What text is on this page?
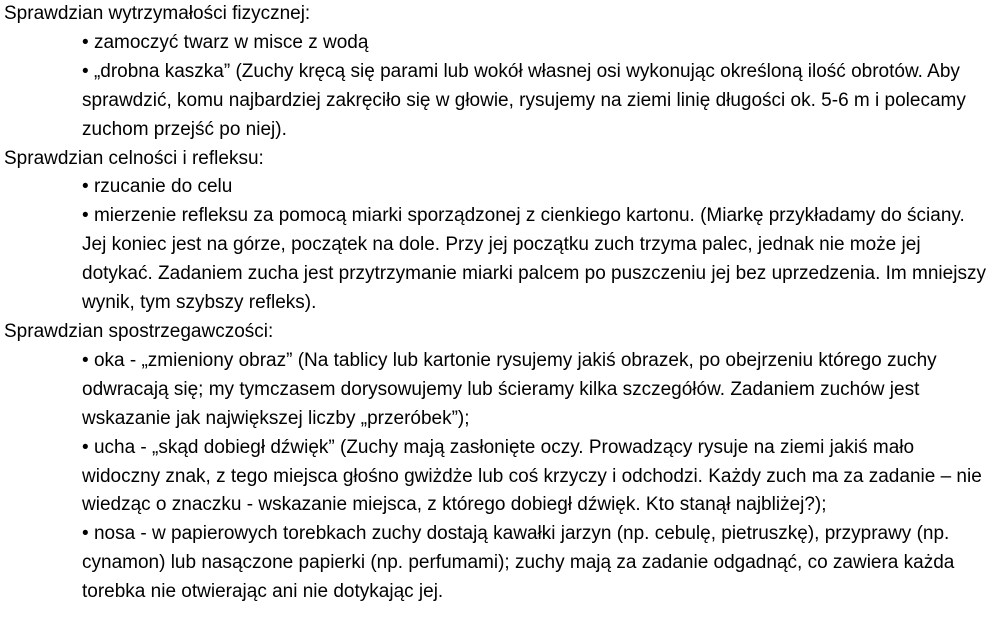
Sprawdzian wytrzymałości fizycznej:
• zamoczyć twarz w misce z wodą
• „drobna kaszka” (Zuchy kręcą się parami lub wokół własnej osi wykonując określoną ilość obrotów. Aby sprawdzić, komu najbardziej zakręciło się w głowie, rysujemy na ziemi linię długości ok. 5-6 m i polecamy zuchom przejść po niej).
Sprawdzian celności i refleksu:
• rzucanie do celu
• mierzenie refleksu za pomocą miarki sporządzonej z cienkiego kartonu. (Miarkę przykładamy do ściany. Jej koniec jest na górze, początek na dole. Przy jej początku zuch trzyma palec, jednak nie może jej dotykać. Zadaniem zucha jest przytrzymanie miarki palcem po puszczeniu jej bez uprzedzenia. Im mniejszy wynik, tym szybszy refleks).
Sprawdzian spostrzegawczości:
• oka - „zmieniony obraz” (Na tablicy lub kartonie rysujemy jakiś obrazek, po obejrzeniu którego zuchy odwracają się; my tymczasem dorysowujemy lub ścieramy kilka szczegółów. Zadaniem zuchów jest wskazanie jak największej liczby „przeróbek”);
• ucha - „skąd dobiegł dźwięk” (Zuchy mają zasłonięte oczy. Prowadzący rysuje na ziemi jakiś mało widoczny znak, z tego miejsca głośno gwiżdże lub coś krzyczy i odchodzi. Każdy zuch ma za zadanie – nie wiedząc o znaczku - wskazanie miejsca, z którego dobiegł dźwięk. Kto stanął najbliżej?);
• nosa - w papierowych torebkach zuchy dostają kawałki jarzyn (np. cebulę, pietruszkę), przyprawy (np. cynamon) lub nasączone papierki (np. perfumami); zuchy mają za zadanie odgadnąć, co zawiera każda torebka nie otwierając ani nie dotykając jej.
